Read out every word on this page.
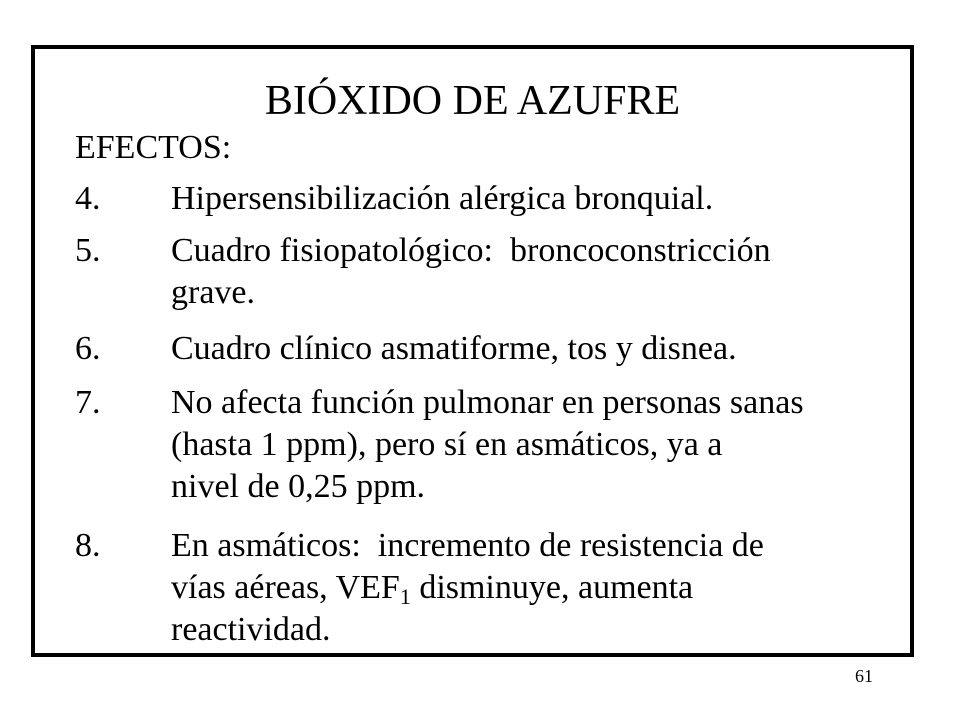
BIÓXIDO DE AZUFRE
EFECTOS:
4.	Hipersensibilización alérgica bronquial.
5.	Cuadro fisiopatológico:  broncoconstricción
grave.
6.	Cuadro clínico asmatiforme, tos y disnea.
7.	No afecta función pulmonar en personas sanas
(hasta 1 ppm), pero sí en asmáticos, ya a
nivel de 0,25 ppm.
8.	En asmáticos:  incremento de resistencia de
vías aéreas, $VEF_1$ disminuye, aumenta
reactividad.
61
